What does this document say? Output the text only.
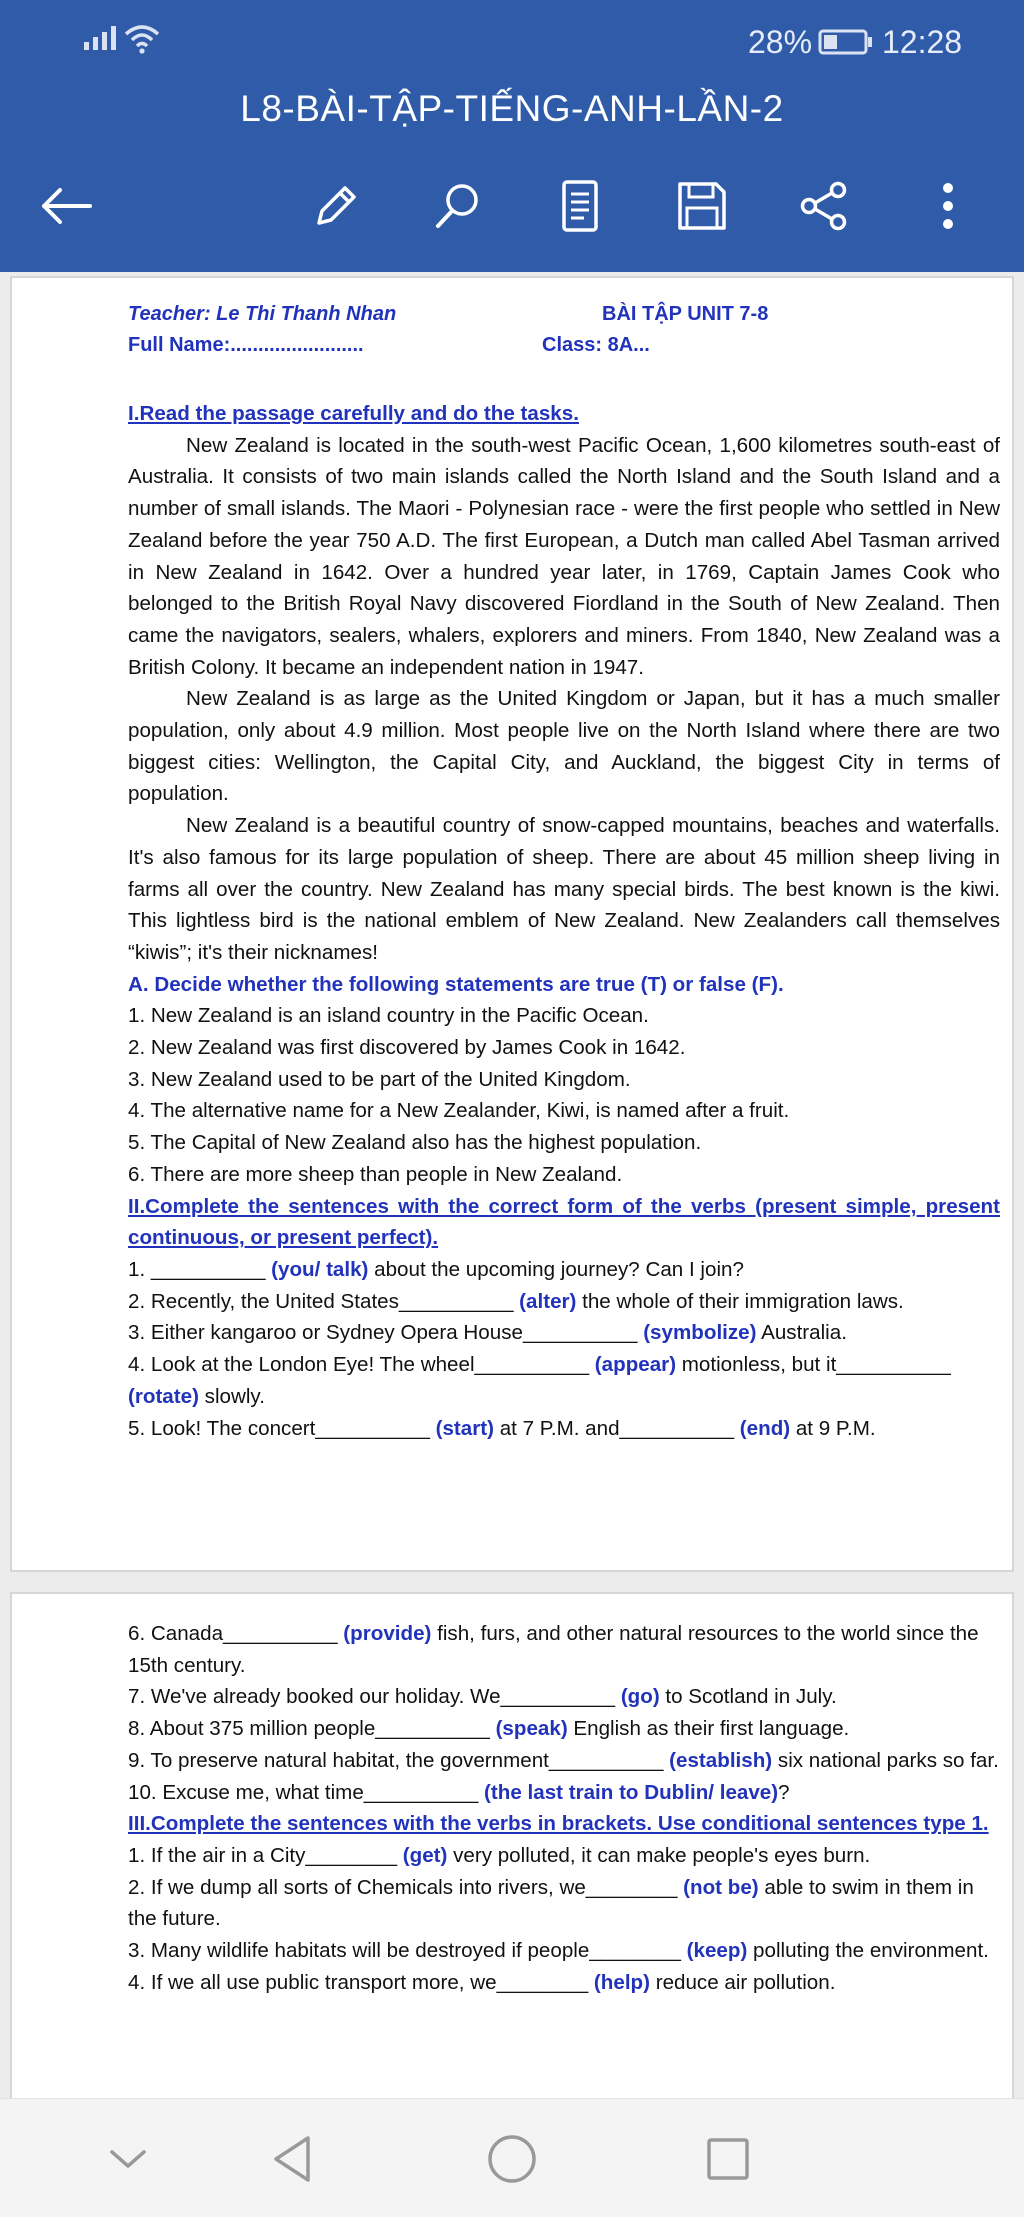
28% 12:28
L8-BÀI-TẬP-TIẾNG-ANH-LẦN-2
Teacher: Le Thi Thanh Nhan	BÀI TẬP UNIT 7-8
Full Name:........................	Class: 8A...
I.Read the passage carefully and do the tasks.

New Zealand is located in the south-west Pacific Ocean, 1,600 kilometres south-east of Australia. It consists of two main islands called the North Island and the South Island and a number of small islands. The Maori - Polynesian race - were the first people who settled in New Zealand before the year 750 A.D. The first European, a Dutch man called Abel Tasman arrived in New Zealand in 1642. Over a hundred year later, in 1769, Captain James Cook who belonged to the British Royal Navy discovered Fiordland in the South of New Zealand. Then came the navigators, sealers, whalers, explorers and miners. From 1840, New Zealand was a British Colony. It became an independent nation in 1947.

New Zealand is as large as the United Kingdom or Japan, but it has a much smaller population, only about 4.9 million. Most people live on the North Island where there are two biggest cities: Wellington, the Capital City, and Auckland, the biggest City in terms of population.

New Zealand is a beautiful country of snow-capped mountains, beaches and waterfalls. It's also famous for its large population of sheep. There are about 45 million sheep living in farms all over the country. New Zealand has many special birds. The best known is the kiwi. This lightless bird is the national emblem of New Zealand. New Zealanders call themselves “kiwis”; it's their nicknames!

A. Decide whether the following statements are true (T) or false (F).
1. New Zealand is an island country in the Pacific Ocean.
2. New Zealand was first discovered by James Cook in 1642.
3. New Zealand used to be part of the United Kingdom.
4. The alternative name for a New Zealander, Kiwi, is named after a fruit.
5. The Capital of New Zealand also has the highest population.
6. There are more sheep than people in New Zealand.
II.Complete the sentences with the correct form of the verbs (present simple, present continuous, or present perfect).
1. __________ (you/ talk) about the upcoming journey? Can I join?
2. Recently, the United States__________ (alter) the whole of their immigration laws.
3. Either kangaroo or Sydney Opera House__________ (symbolize) Australia.
4. Look at the London Eye! The wheel__________ (appear) motionless, but it__________ (rotate) slowly.
5. Look! The concert__________ (start) at 7 P.M. and__________ (end) at 9 P.M.
6. Canada__________ (provide) fish, furs, and other natural resources to the world since the 15th century.
7. We've already booked our holiday. We__________ (go) to Scotland in July.
8. About 375 million people__________ (speak) English as their first language.
9. To preserve natural habitat, the government__________ (establish) six national parks so far.
10. Excuse me, what time__________ (the last train to Dublin/ leave)?
III.Complete the sentences with the verbs in brackets. Use conditional sentences type 1.
1. If the air in a City________ (get) very polluted, it can make people's eyes burn.
2. If we dump all sorts of Chemicals into rivers, we________ (not be) able to swim in them in the future.
3. Many wildlife habitats will be destroyed if people________ (keep) polluting the environment.
4. If we all use public transport more, we________ (help) reduce air pollution.
